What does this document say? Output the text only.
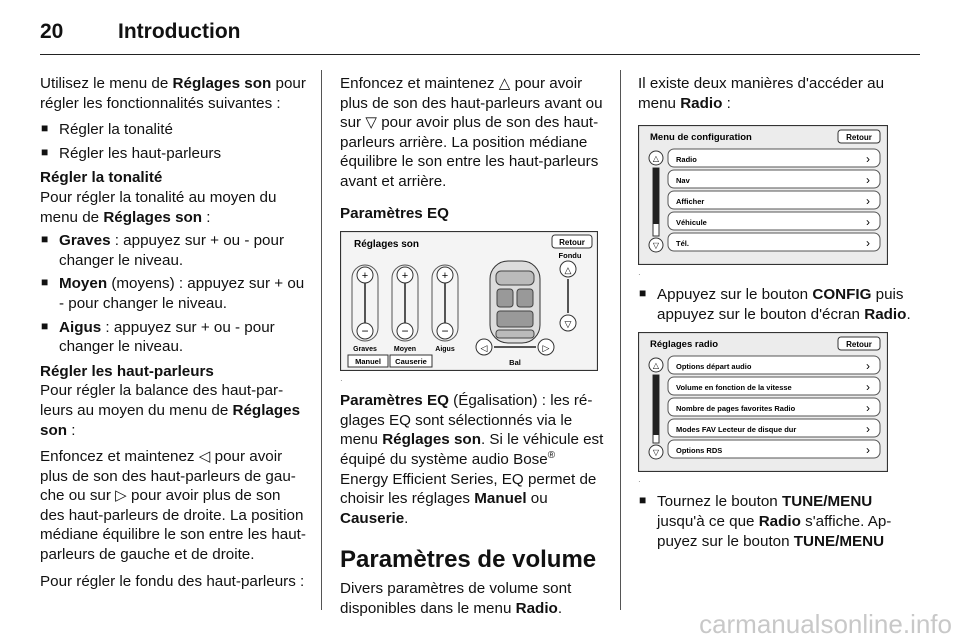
20	Introduction

Utilisez le menu de Réglages son pour régler les fonctionnalités suivantes :

■ Régler la tonalité
■ Régler les haut-parleurs
Régler la tonalité

Pour régler la tonalité au moyen du menu de Réglages son :

■ Graves : appuyez sur + ou - pour changer le niveau.
■ Moyen (moyens) : appuyez sur + ou - pour changer le niveau.
■ Aigus : appuyez sur + ou - pour changer le niveau.
Régler les haut-parleurs

Pour régler la balance des haut-parleurs au moyen du menu de Réglages son :

Enfoncez et maintenez ◁ pour avoir plus de son des haut-parleurs de gauche ou sur ▷ pour avoir plus de son des haut-parleurs de droite. La position médiane équilibre le son entre les haut-parleurs de gauche et de droite.

Pour régler le fondu des haut-parleurs :

Enfoncez et maintenez △ pour avoir plus de son des haut-parleurs avant ou sur ▽ pour avoir plus de son des haut-parleurs arrière. La position médiane équilibre le son entre les haut-parleurs avant et arrière.

Paramètres EQ
Réglages son	Retour
Fondu
+
−
+
−
+
−
Graves Moyen	Aigus
Manuel Causerie
△
▽
◁	▷
Bal
·

Paramètres EQ (Égalisation) : les réglages EQ sont sélectionnés via le menu Réglages son. Si le véhicule est équipé du système audio Bose® Energy Efficient Series, EQ permet de choisir les réglages Manuel ou Causerie.

Paramètres de volume

Divers paramètres de volume sont disponibles dans le menu Radio.

Il existe deux manières d'accéder au menu Radio :

Menu de configuration	Retour
△
▽
Radio	›
Nav	›
Afficher	›
Véhicule	›
Tél.	›
·
■ Appuyez sur le bouton CONFIG puis appuyez sur le bouton d'écran Radio.
Réglages radio	Retour
△
▽
Options départ audio	›
Volume en fonction de la vitesse	›
Nombre de pages favorites Radio	›
Modes FAV Lecteur de disque dur	›
Options RDS	›
·
■ Tournez le bouton TUNE/MENU jusqu'à ce que Radio s'affiche. Appuyez sur le bouton TUNE/MENU
carmanualsonline.info
